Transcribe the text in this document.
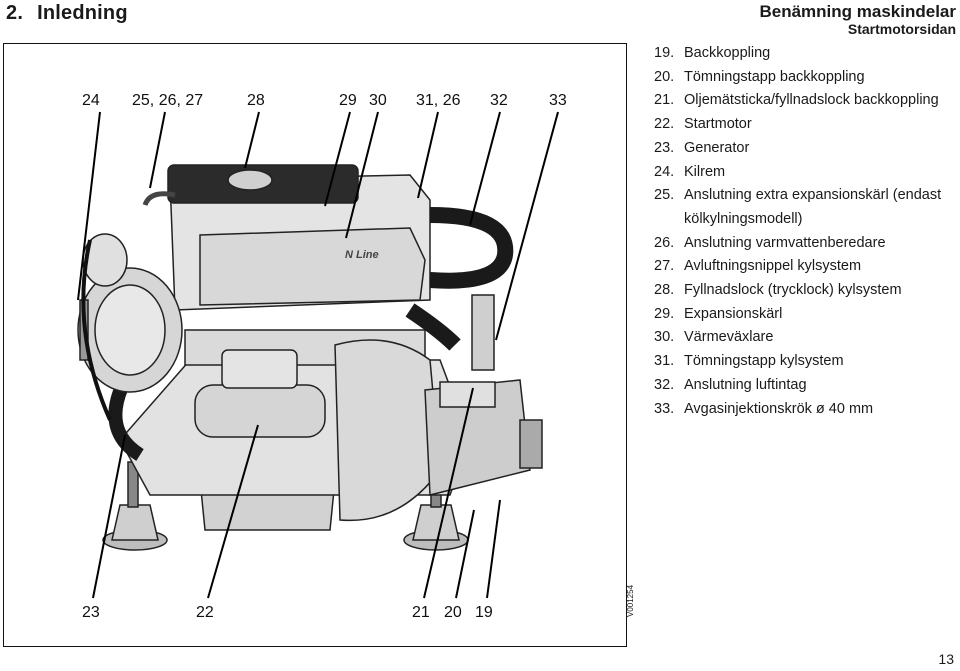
2. Inledning	Benämning maskindelar
Startmotorsidan
24 25, 26, 27	28	29 30 31, 26 32	33
23	22	21 20 19
N Line
V001254
19. Backkoppling
20. Tömningstapp backkoppling
21. Oljemätsticka/fyllnadslock backkoppling
22. Startmotor
23. Generator
24. Kilrem
25. Anslutning extra expansionskärl (endast kölkylningsmodell)
26. Anslutning varmvattenberedare
27. Avluftningsnippel kylsystem
28. Fyllnadslock (trycklock) kylsystem
29. Expansionskärl
30. Värmeväxlare
31. Tömningstapp kylsystem
32. Anslutning luftintag
33. Avgasinjektionskrök ø 40 mm
13
